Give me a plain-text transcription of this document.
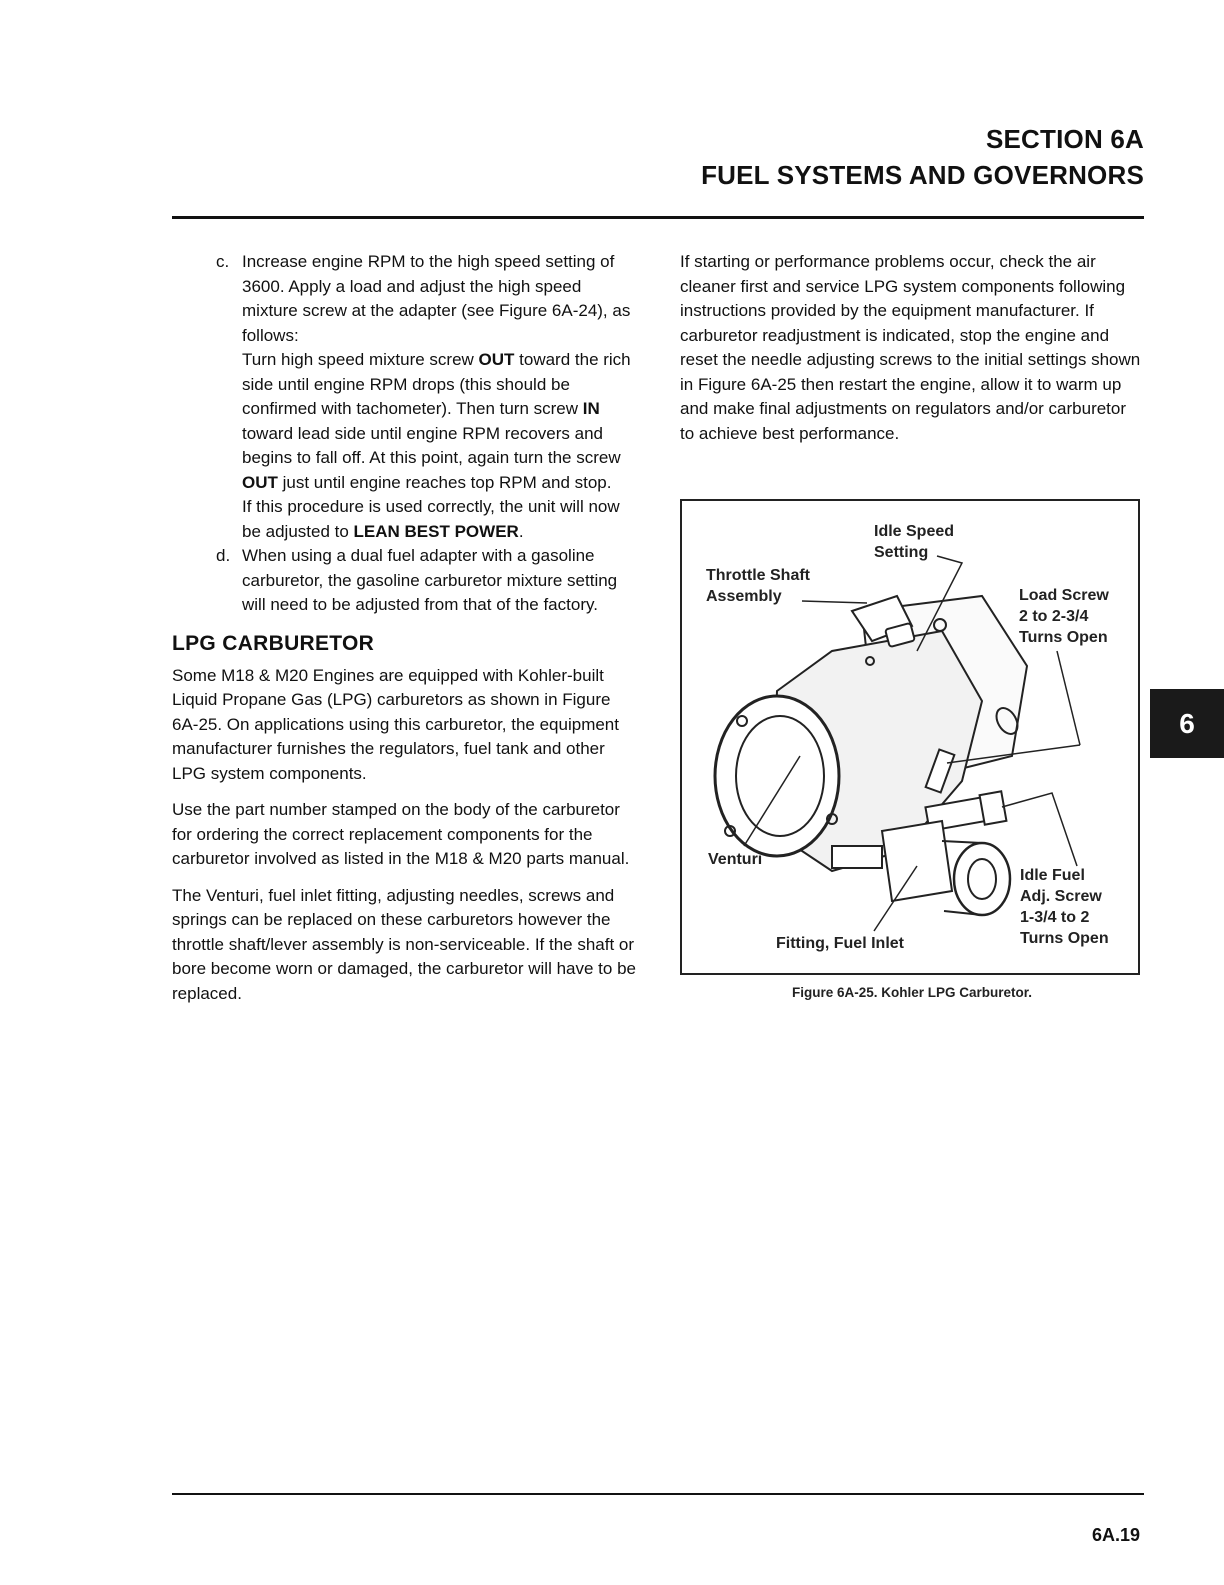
SECTION 6A
FUEL SYSTEMS AND GOVERNORS
c. Increase engine RPM to the high speed setting of 3600. Apply a load and adjust the high speed mixture screw at the adapter (see Figure 6A-24), as follows:

Turn high speed mixture screw OUT toward the rich side until engine RPM drops (this should be confirmed with tachometer). Then turn screw IN toward lead side until engine RPM recovers and begins to fall off. At this point, again turn the screw OUT just until engine reaches top RPM and stop.

If this procedure is used correctly, the unit will now be adjusted to LEAN BEST POWER.

d. When using a dual fuel adapter with a gasoline carburetor, the gasoline carburetor mixture setting will need to be adjusted from that of the factory.

LPG CARBURETOR

Some M18 & M20 Engines are equipped with Kohler-built Liquid Propane Gas (LPG) carburetors as shown in Figure 6A-25. On applications using this carburetor, the equipment manufacturer furnishes the regulators, fuel tank and other LPG system components.

Use the part number stamped on the body of the carburetor for ordering the correct replacement components for the carburetor involved as listed in the M18 & M20 parts manual.

The Venturi, fuel inlet fitting, adjusting needles, screws and springs can be replaced on these carburetors however the throttle shaft/lever assembly is non-serviceable. If the shaft or bore become worn or damaged, the carburetor will have to be replaced.

If starting or performance problems occur, check the air cleaner first and service LPG system components following instructions provided by the equipment manufacturer. If carburetor readjustment is indicated, stop the engine and reset the needle adjusting screws to the initial settings shown in Figure 6A-25 then restart the engine, allow it to warm up and make final adjustments on regulators and/or carburetor to achieve best performance.

Idle Speed
Setting
Throttle Shaft
Assembly	Load Screw
2 to 2-3/4
Turns Open
Venturi
Idle Fuel
Adj. Screw
1-3/4 to 2
Turns Open
Fitting, Fuel Inlet
Figure 6A-25. Kohler LPG Carburetor.
6
6A.19
